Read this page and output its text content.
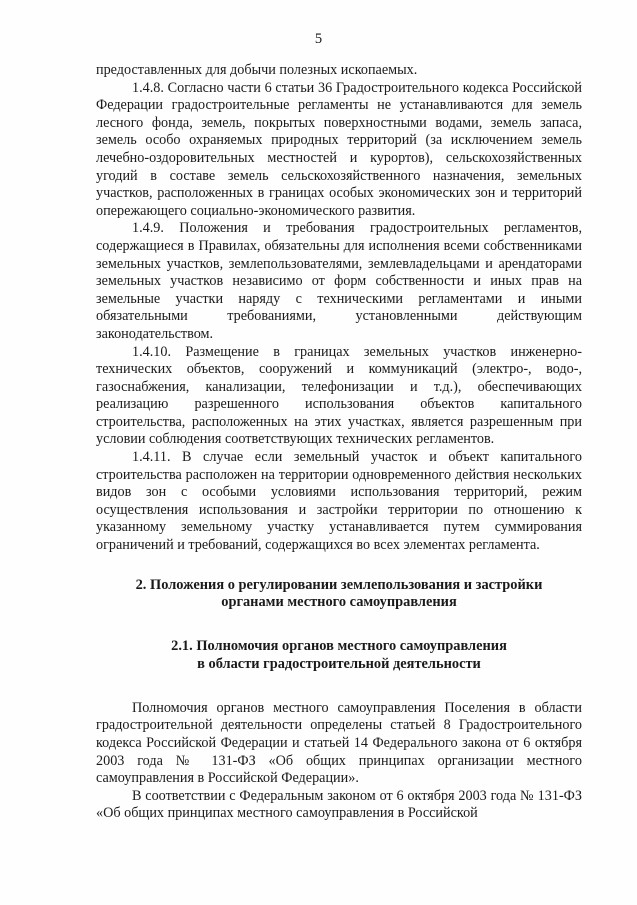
5

предоставленных для добычи полезных ископаемых.

1.4.8. Согласно части 6 статьи 36 Градостроительного кодекса Российской Федерации градостроительные регламенты не устанавливаются для земель лесного фонда, земель, покрытых поверхностными водами, земель запаса, земель особо охраняемых природных территорий (за исключением земель лечебно-оздоровительных местностей и курортов), сельскохозяйственных угодий в составе земель сельскохозяйственного назначения, земельных участков, расположенных в границах особых экономических зон и территорий опережающего социально-экономического развития.

1.4.9. Положения и требования градостроительных регламентов, содержащиеся в Правилах, обязательны для исполнения всеми собственниками земельных участков, землепользователями, землевладельцами и арендаторами земельных участков независимо от форм собственности и иных прав на земельные участки наряду с техническими регламентами и иными обязательными требованиями, установленными действующим законодательством.

1.4.10. Размещение в границах земельных участков инженерно-технических объектов, сооружений и коммуникаций (электро-, водо-, газоснабжения, канализации, телефонизации и т.д.), обеспечивающих реализацию разрешенного использования объектов капитального строительства, расположенных на этих участках, является разрешенным при условии соблюдения соответствующих технических регламентов.

1.4.11. В случае если земельный участок и объект капитального строительства расположен на территории одновременного действия нескольких видов зон с особыми условиями использования территорий, режим осуществления использования и застройки территории по отношению к указанному земельному участку устанавливается путем суммирования ограничений и требований, содержащихся во всех элементах регламента.

2. Положения о регулировании землепользования и застройки

органами местного самоуправления

2.1. Полномочия органов местного самоуправления

в области градостроительной деятельности

Полномочия органов местного самоуправления Поселения в области градостроительной деятельности определены статьей 8 Градостроительного кодекса Российской Федерации и статьей 14 Федерального закона от 6 октября 2003 года № 131-ФЗ «Об общих принципах организации местного самоуправления в Российской Федерации».

В соответствии с Федеральным законом от 6 октября 2003 года № 131-ФЗ «Об общих принципах местного самоуправления в Российской
